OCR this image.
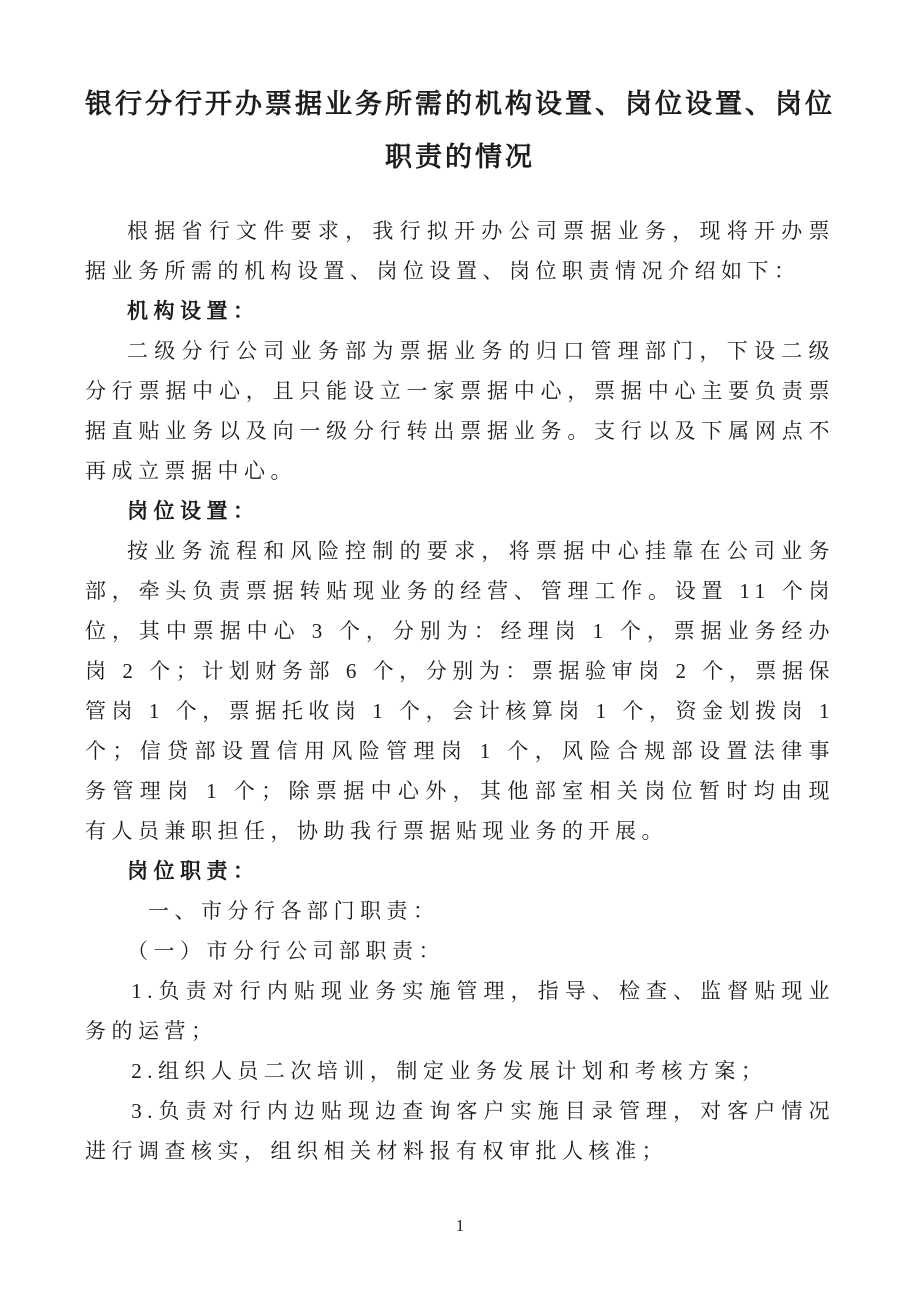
银行分行开办票据业务所需的机构设置、岗位设置、岗位职责的情况

根据省行文件要求，我行拟开办公司票据业务，现将开办票据业务所需的机构设置、岗位设置、岗位职责情况介绍如下：

机构设置：

二级分行公司业务部为票据业务的归口管理部门，下设二级分行票据中心，且只能设立一家票据中心，票据中心主要负责票据直贴业务以及向一级分行转出票据业务。支行以及下属网点不再成立票据中心。

岗位设置：

按业务流程和风险控制的要求，将票据中心挂靠在公司业务部，牵头负责票据转贴现业务的经营、管理工作。设置 11 个岗位，其中票据中心 3 个，分别为：经理岗 1 个，票据业务经办岗 2 个；计划财务部 6 个，分别为：票据验审岗 2 个，票据保管岗 1 个，票据托收岗 1 个，会计核算岗 1 个，资金划拨岗 1 个；信贷部设置信用风险管理岗 1 个，风险合规部设置法律事务管理岗 1 个；除票据中心外，其他部室相关岗位暂时均由现有人员兼职担任，协助我行票据贴现业务的开展。

岗位职责：

一、市分行各部门职责：

（一）市分行公司部职责：

1.负责对行内贴现业务实施管理，指导、检查、监督贴现业务的运营；

2.组织人员二次培训，制定业务发展计划和考核方案；

3.负责对行内边贴现边查询客户实施目录管理，对客户情况进行调查核实，组织相关材料报有权审批人核准；

1
